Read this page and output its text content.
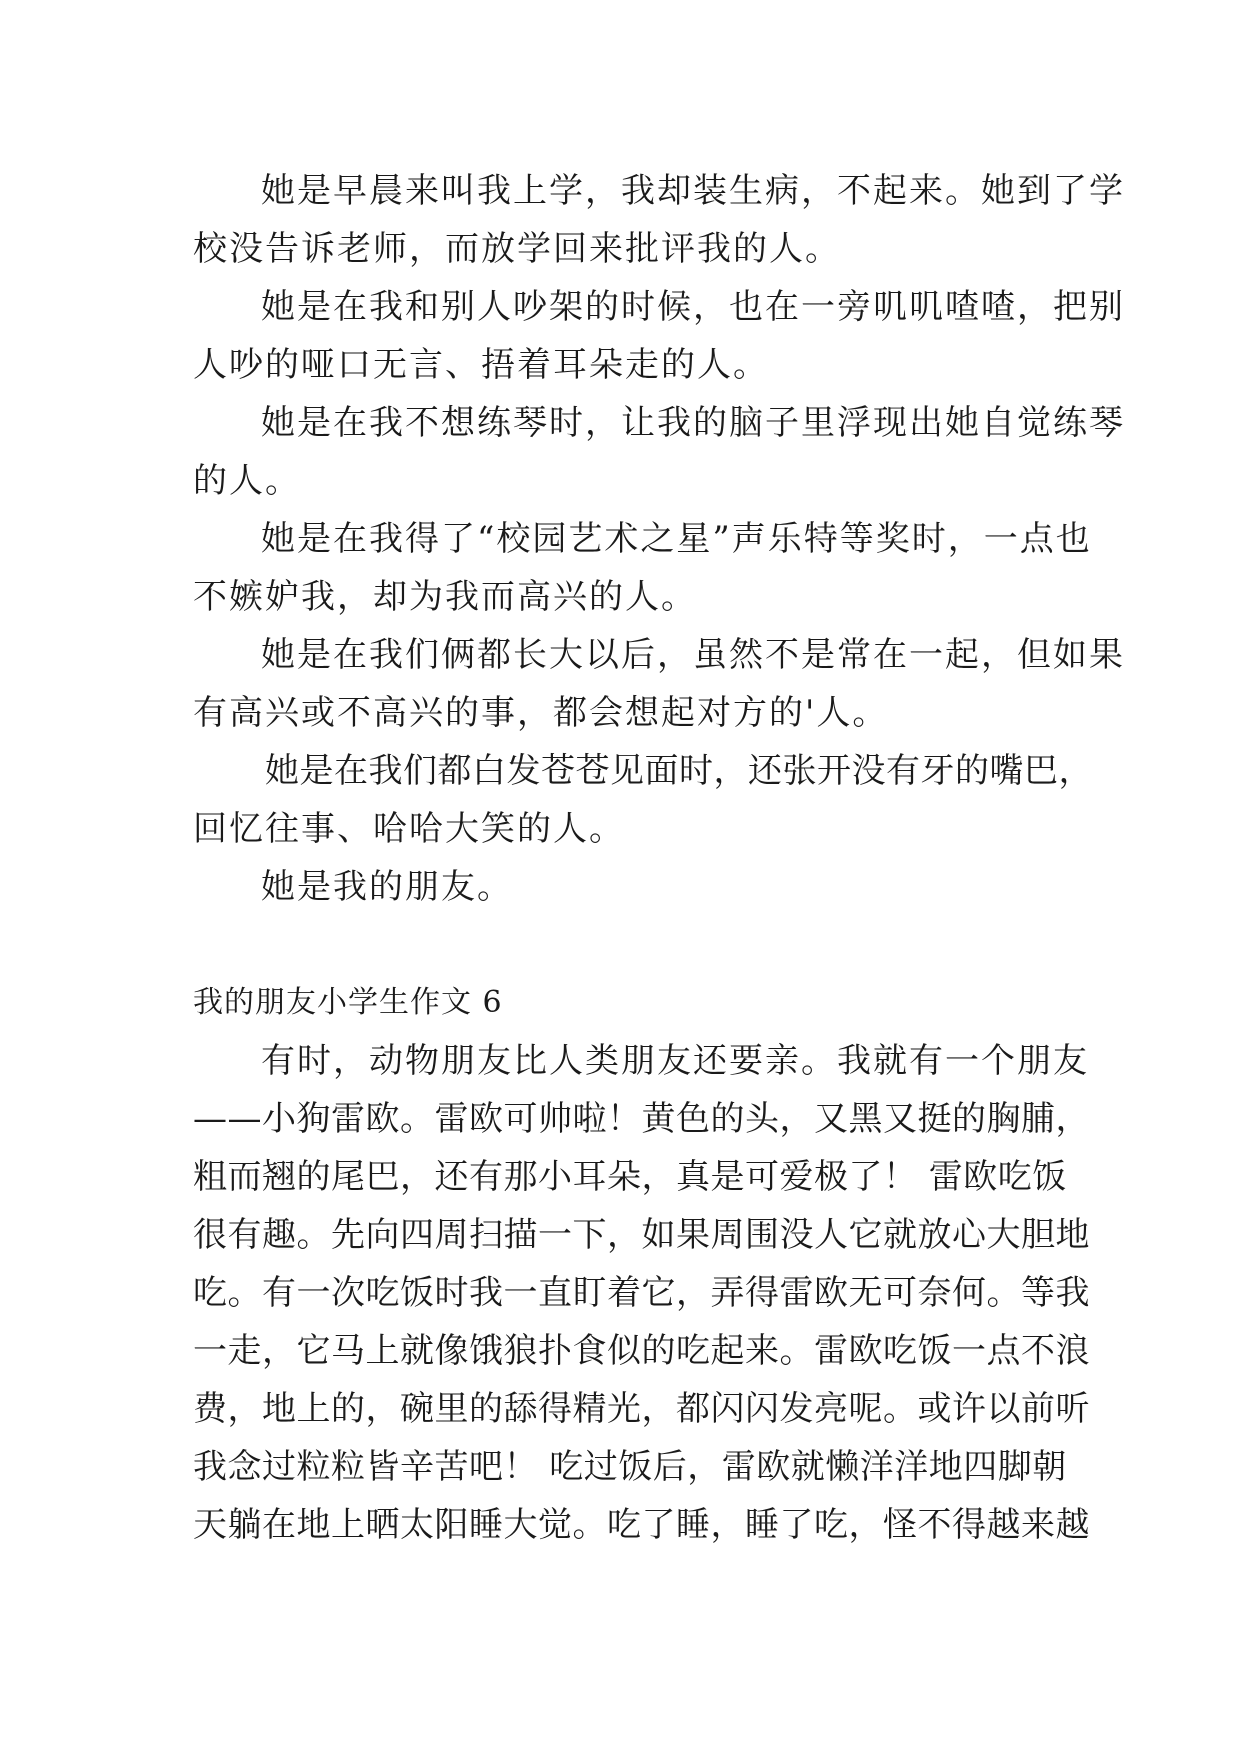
她是早晨来叫我上学，我却装生病，不起来。她到了学
校没告诉老师，而放学回来批评我的人。
她是在我和别人吵架的时候，也在一旁叽叽喳喳，把别
人吵的哑口无言、捂着耳朵走的人。
她是在我不想练琴时，让我的脑子里浮现出她自觉练琴
的人。
她是在我得了“校园艺术之星”声乐特等奖时，一点也
不嫉妒我，却为我而高兴的人。
她是在我们俩都长大以后，虽然不是常在一起，但如果
有高兴或不高兴的事，都会想起对方的'人。
她是在我们都白发苍苍见面时，还张开没有牙的嘴巴，
回忆往事、哈哈大笑的人。
她是我的朋友。
我的朋友小学生作文 6
有时，动物朋友比人类朋友还要亲。我就有一个朋友
——小狗雷欧。雷欧可帅啦！黄色的头，又黑又挺的胸脯，
粗而翘的尾巴，还有那小耳朵，真是可爱极了！ 雷欧吃饭
很有趣。先向四周扫描一下，如果周围没人它就放心大胆地
吃。有一次吃饭时我一直盯着它，弄得雷欧无可奈何。等我
一走，它马上就像饿狼扑食似的吃起来。雷欧吃饭一点不浪
费，地上的，碗里的舔得精光，都闪闪发亮呢。或许以前听
我念过粒粒皆辛苦吧！ 吃过饭后，雷欧就懒洋洋地四脚朝
天躺在地上晒太阳睡大觉。吃了睡，睡了吃，怪不得越来越
